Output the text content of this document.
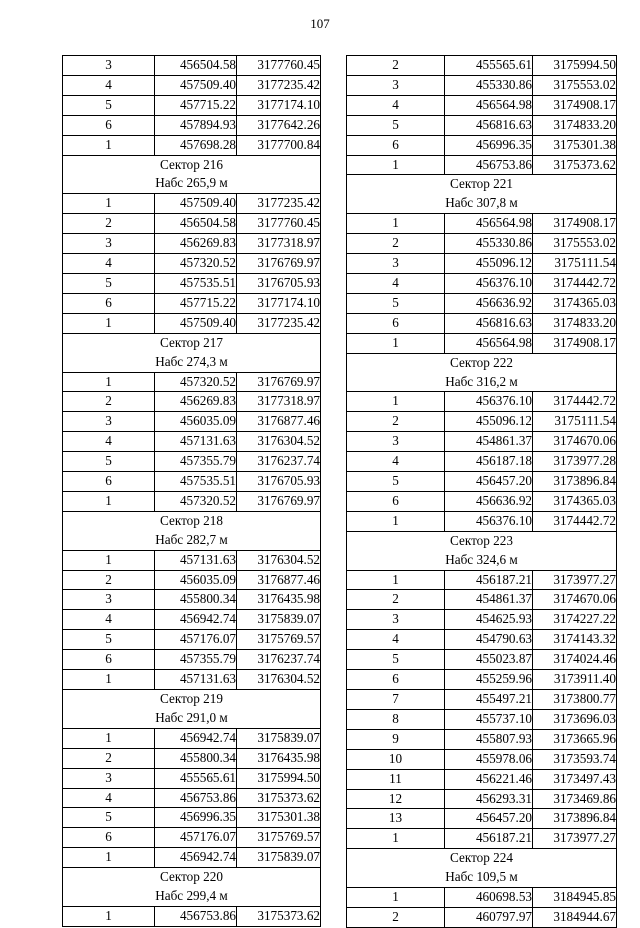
107
3	456504.58	3177760.45
4	457509.40	3177235.42
5	457715.22	3177174.10
6	457894.93	3177642.26
1	457698.28	3177700.84
Сектор 216		
Набс 265,9 м		
1	457509.40	3177235.42
2	456504.58	3177760.45
3	456269.83	3177318.97
4	457320.52	3176769.97
5	457535.51	3176705.93
6	457715.22	3177174.10
1	457509.40	3177235.42
Сектор 217		
Набс 274,3 м		
1	457320.52	3176769.97
2	456269.83	3177318.97
3	456035.09	3176877.46
4	457131.63	3176304.52
5	457355.79	3176237.74
6	457535.51	3176705.93
1	457320.52	3176769.97
Сектор 218		
Набс 282,7 м		
1	457131.63	3176304.52
2	456035.09	3176877.46
3	455800.34	3176435.98
4	456942.74	3175839.07
5	457176.07	3175769.57
6	457355.79	3176237.74
1	457131.63	3176304.52
Сектор 219		
Набс 291,0 м		
1	456942.74	3175839.07
2	455800.34	3176435.98
3	455565.61	3175994.50
4	456753.86	3175373.62
5	456996.35	3175301.38
6	457176.07	3175769.57
1	456942.74	3175839.07
Сектор 220		
Набс 299,4 м		
1	456753.86	3175373.62
2	455565.61	3175994.50
3	455330.86	3175553.02
4	456564.98	3174908.17
5	456816.63	3174833.20
6	456996.35	3175301.38
1	456753.86	3175373.62
Сектор 221		
Набс 307,8 м		
1	456564.98	3174908.17
2	455330.86	3175553.02
3	455096.12	3175111.54
4	456376.10	3174442.72
5	456636.92	3174365.03
6	456816.63	3174833.20
1	456564.98	3174908.17
Сектор 222		
Набс 316,2 м		
1	456376.10	3174442.72
2	455096.12	3175111.54
3	454861.37	3174670.06
4	456187.18	3173977.28
5	456457.20	3173896.84
6	456636.92	3174365.03
1	456376.10	3174442.72
Сектор 223		
Набс 324,6 м		
1	456187.21	3173977.27
2	454861.37	3174670.06
3	454625.93	3174227.22
4	454790.63	3174143.32
5	455023.87	3174024.46
6	455259.96	3173911.40
7	455497.21	3173800.77
8	455737.10	3173696.03
9	455807.93	3173665.96
10	455978.06	3173593.74
11	456221.46	3173497.43
12	456293.31	3173469.86
13	456457.20	3173896.84
1	456187.21	3173977.27
Сектор 224		
Набс 109,5 м		
1	460698.53	3184945.85
2	460797.97	3184944.67
